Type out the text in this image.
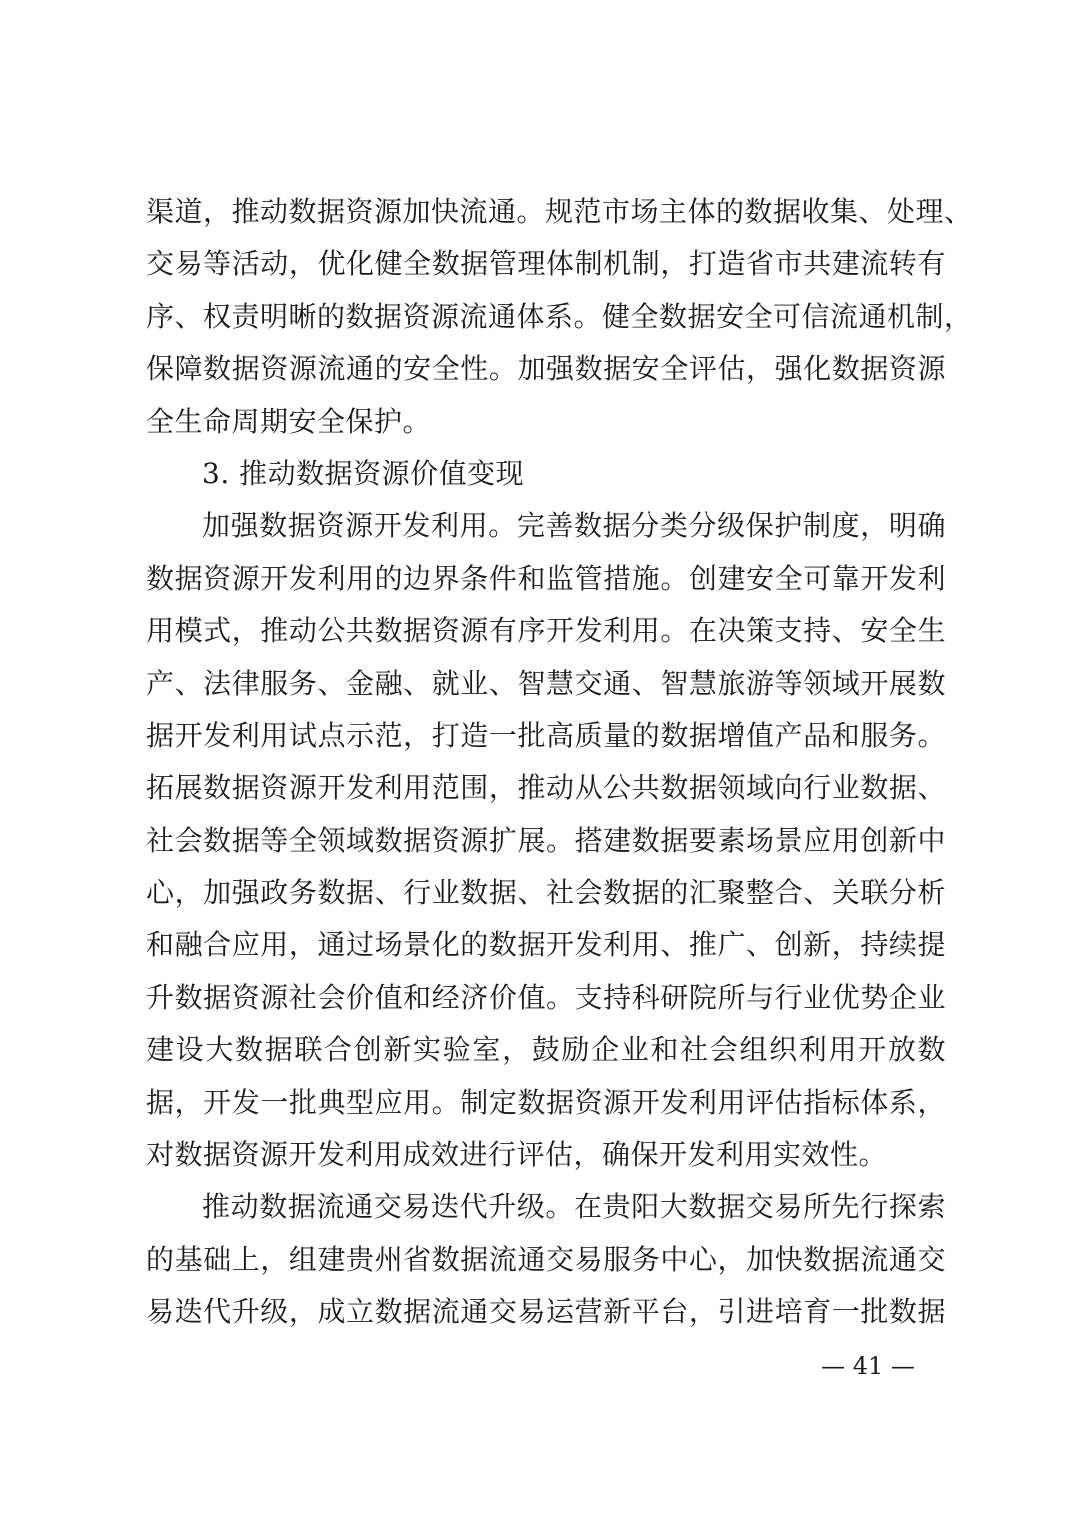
渠道，推动数据资源加快流通。规范市场主体的数据收集、处理、
交易等活动，优化健全数据管理体制机制，打造省市共建流转有
序、权责明晰的数据资源流通体系。健全数据安全可信流通机制，
保障数据资源流通的安全性。加强数据安全评估，强化数据资源
全生命周期安全保护。
3. 推动数据资源价值变现
加强数据资源开发利用。完善数据分类分级保护制度，明确
数据资源开发利用的边界条件和监管措施。创建安全可靠开发利
用模式，推动公共数据资源有序开发利用。在决策支持、安全生
产、法律服务、金融、就业、智慧交通、智慧旅游等领域开展数
据开发利用试点示范，打造一批高质量的数据增值产品和服务。
拓展数据资源开发利用范围，推动从公共数据领域向行业数据、
社会数据等全领域数据资源扩展。搭建数据要素场景应用创新中
心，加强政务数据、行业数据、社会数据的汇聚整合、关联分析
和融合应用，通过场景化的数据开发利用、推广、创新，持续提
升数据资源社会价值和经济价值。支持科研院所与行业优势企业
建设大数据联合创新实验室，鼓励企业和社会组织利用开放数
据，开发一批典型应用。制定数据资源开发利用评估指标体系，
对数据资源开发利用成效进行评估，确保开发利用实效性。
推动数据流通交易迭代升级。在贵阳大数据交易所先行探索
的基础上，组建贵州省数据流通交易服务中心，加快数据流通交
易迭代升级，成立数据流通交易运营新平台，引进培育一批数据
— 41 —
